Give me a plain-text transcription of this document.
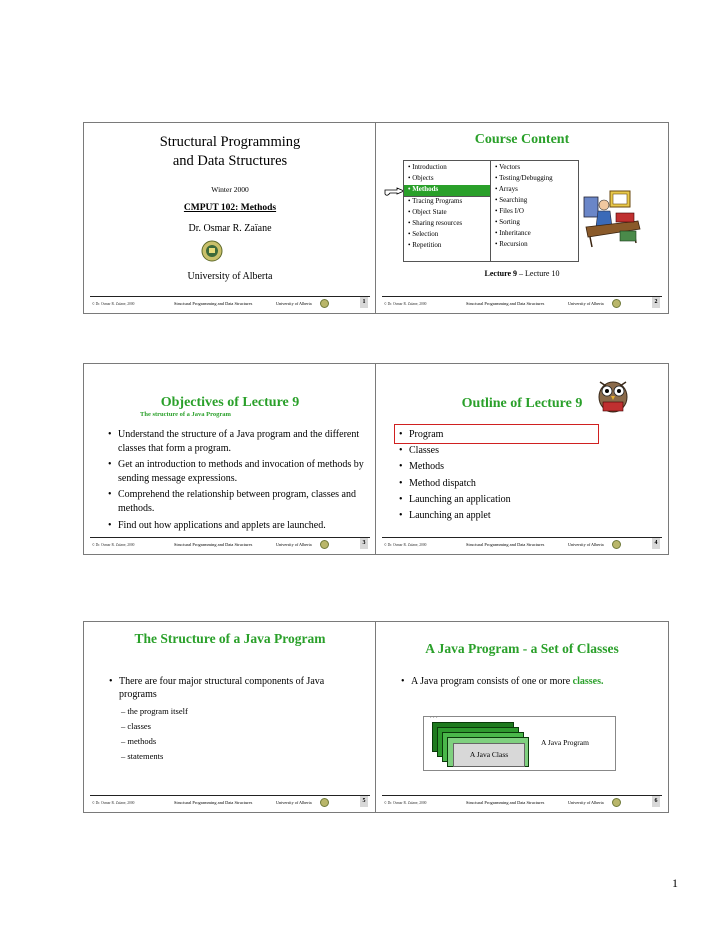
Structural Programming
and Data Structures
Winter 2000
CMPUT 102: Methods
Dr. Osmar R. Zaïane
University of Alberta
© Dr. Osmar R. Zaïane, 2000	Structural Programming and Data Structures	University of Alberta	1
Course Content
• Introduction
• Objects
• Methods
• Tracing Programs
• Object State
• Sharing resources
• Selection
• Repetition
• Vectors
• Testing/Debugging
• Arrays
• Searching
• Files I/O
• Sorting
• Inheritance
• Recursion
Lecture 9 – Lecture 10
© Dr. Osmar R. Zaïane, 2000	Structural Programming and Data Structures	University of Alberta	2
Objectives of Lecture 9
The structure of a Java Program
• Understand the structure of a Java program and the different classes that form a program.
• Get an introduction to methods and invocation of methods by sending message expressions.
• Comprehend the relationship between program, classes and methods.
• Find out how applications and applets are launched.
© Dr. Osmar R. Zaïane, 2000	Structural Programming and Data Structures	University of Alberta	3
Outline of Lecture 9
• Program
• Classes
• Methods
• Method dispatch
• Launching an application
• Launching an applet
© Dr. Osmar R. Zaïane, 2000	Structural Programming and Data Structures	University of Alberta	4
The Structure of a Java Program
• There are four major structural components of Java programs
– the program itself
– classes
– methods
– statements
© Dr. Osmar R. Zaïane, 2000	Structural Programming and Data Structures	University of Alberta	5
A Java Program - a Set of Classes
• A Java program consists of one or more classes.
. . .
A Java Class
A Java Program
© Dr. Osmar R. Zaïane, 2000	Structural Programming and Data Structures	University of Alberta	6
1
